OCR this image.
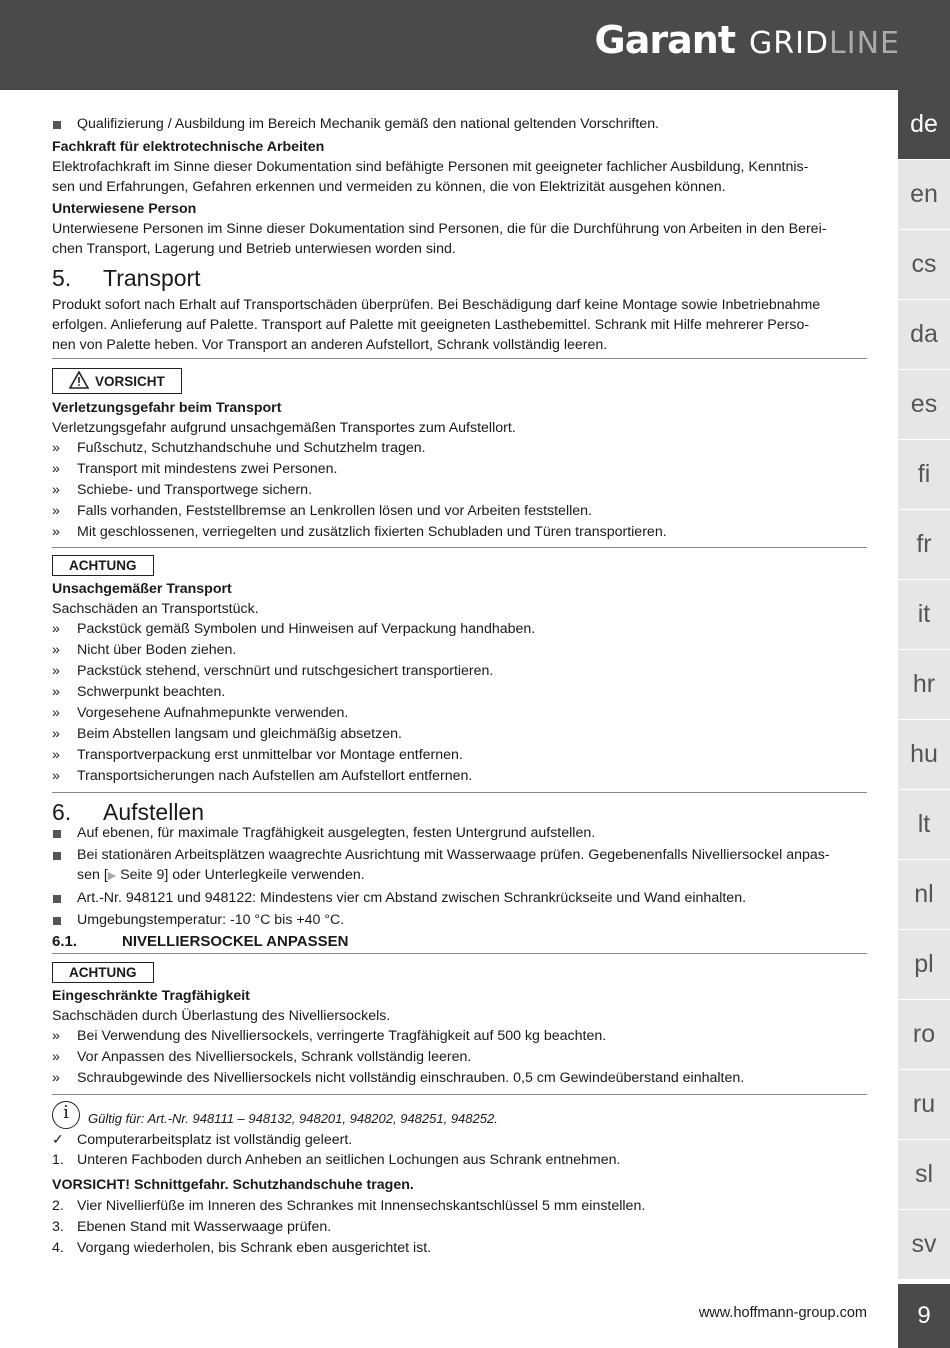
Garant GRID LINE
de
en
cs
da
es
fi
fr
it
hr
hu
lt
nl
pl
ro
ru
sl
sv
9
Qualifizierung / Ausbildung im Bereich Mechanik gemäß den national geltenden Vorschriften.
Fachkraft für elektrotechnische Arbeiten
Elektrofachkraft im Sinne dieser Dokumentation sind befähigte Personen mit geeigneter fachlicher Ausbildung, Kenntnis-
sen und Erfahrungen, Gefahren erkennen und vermeiden zu können, die von Elektrizität ausgehen können.
Unterwiesene Person
Unterwiesene Personen im Sinne dieser Dokumentation sind Personen, die für die Durchführung von Arbeiten in den Berei-
chen Transport, Lagerung und Betrieb unterwiesen worden sind.
5.	Transport
Produkt sofort nach Erhalt auf Transportschäden überprüfen. Bei Beschädigung darf keine Montage sowie Inbetriebnahme
erfolgen. Anlieferung auf Palette. Transport auf Palette mit geeigneten Lasthebemittel. Schrank mit Hilfe mehrerer Perso-
nen von Palette heben. Vor Transport an anderen Aufstellort, Schrank vollständig leeren.
VORSICHT
Verletzungsgefahr beim Transport
Verletzungsgefahr aufgrund unsachgemäßen Transportes zum Aufstellort.
»	Fußschutz, Schutzhandschuhe und Schutzhelm tragen.
»	Transport mit mindestens zwei Personen.
»	Schiebe- und Transportwege sichern.
»	Falls vorhanden, Feststellbremse an Lenkrollen lösen und vor Arbeiten feststellen.
»	Mit geschlossenen, verriegelten und zusätzlich fixierten Schubladen und Türen transportieren.
ACHTUNG
Unsachgemäßer Transport
Sachschäden an Transportstück.
»	Packstück gemäß Symbolen und Hinweisen auf Verpackung handhaben.
»	Nicht über Boden ziehen.
»	Packstück stehend, verschnürt und rutschgesichert transportieren.
»	Schwerpunkt beachten.
»	Vorgesehene Aufnahmepunkte verwenden.
»	Beim Abstellen langsam und gleichmäßig absetzen.
»	Transportverpackung erst unmittelbar vor Montage entfernen.
»	Transportsicherungen nach Aufstellen am Aufstellort entfernen.
6.	Aufstellen
Auf ebenen, für maximale Tragfähigkeit ausgelegten, festen Untergrund aufstellen.
Bei stationären Arbeitsplätzen waagrechte Ausrichtung mit Wasserwaage prüfen. Gegebenenfalls Nivelliersockel anpas-
sen [▶ Seite 9] oder Unterlegkeile verwenden.
Art.-Nr. 948121 und 948122: Mindestens vier cm Abstand zwischen Schrankrückseite und Wand einhalten.
Umgebungstemperatur: -10 °C bis +40 °C.
6.1.	NIVELLIERSOCKEL ANPASSEN
ACHTUNG
Eingeschränkte Tragfähigkeit
Sachschäden durch Überlastung des Nivelliersockels.
»	Bei Verwendung des Nivelliersockels, verringerte Tragfähigkeit auf 500 kg beachten.
»	Vor Anpassen des Nivelliersockels, Schrank vollständig leeren.
»	Schraubgewinde des Nivelliersockels nicht vollständig einschrauben. 0,5 cm Gewindeüberstand einhalten.
i	Gültig für: Art.-Nr. 948111 – 948132, 948201, 948202, 948251, 948252.
✓ Computerarbeitsplatz ist vollständig geleert.
1. Unteren Fachboden durch Anheben an seitlichen Lochungen aus Schrank entnehmen.
VORSICHT! Schnittgefahr. Schutzhandschuhe tragen.
2. Vier Nivellierfüße im Inneren des Schrankes mit Innensechskantschlüssel 5 mm einstellen.
3. Ebenen Stand mit Wasserwaage prüfen.
4. Vorgang wiederholen, bis Schrank eben ausgerichtet ist.
www.hoffmann-group.com
